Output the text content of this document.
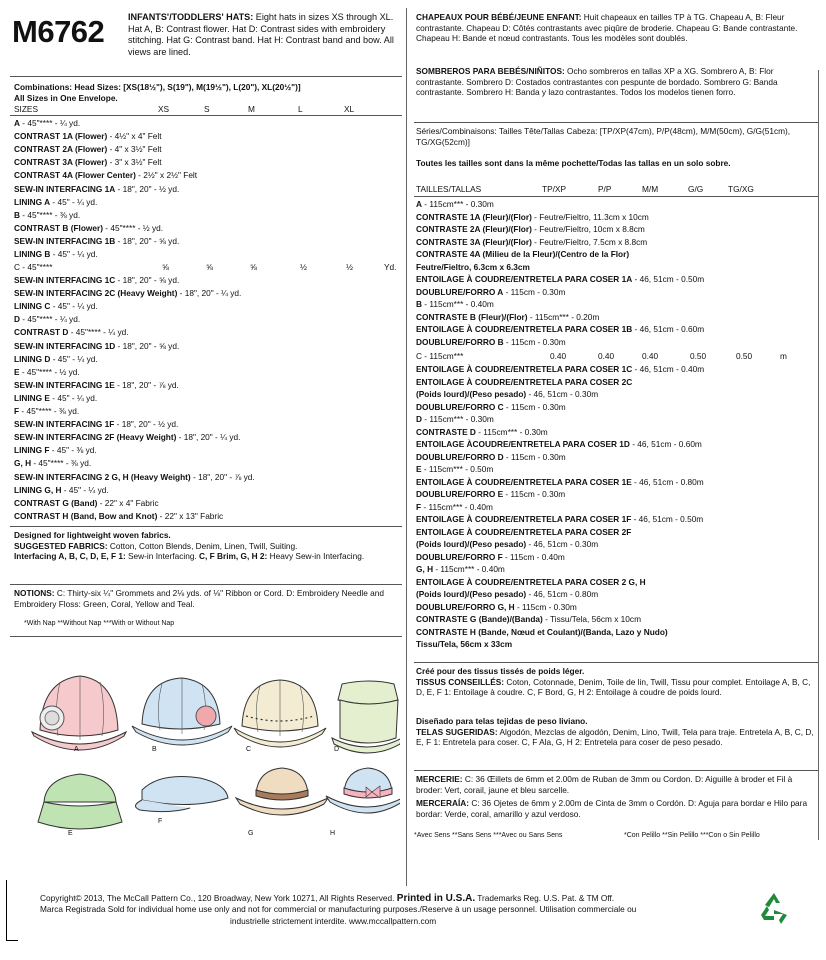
M6762	INFANTS'/TODDLERS' HATS: Eight hats in sizes XS through XL. Hat A, B: Contrast flower. Hat D: Contrast sides with embroidery stitching. Hat G: Contrast band. Hat H: Contrast band and bow. All views are lined.
Combinations: Head Sizes: [XS(18½"), S(19"), M(19½"), L(20"), XL(20½")]
All Sizes in One Envelope.
SIZES	XS	S	M	L	XL
A - 45"**** - ¼ yd.
CONTRAST 1A (Flower) - 4½" x 4" Felt
CONTRAST 2A (Flower) - 4" x 3½" Felt
CONTRAST 3A (Flower) - 3" x 3½" Felt
CONTRAST 4A (Flower Center) - 2½" x 2½" Felt
SEW-IN INTERFACING 1A - 18", 20" - ½ yd.
LINING A - 45" - ¼ yd.
B - 45"**** - ⅜ yd.
CONTRAST B (Flower) - 45"**** - ½ yd.
SEW-IN INTERFACING 1B - 18", 20" - ⅝ yd.
LINING B - 45" - ¼ yd.
C - 45"****	⅝	⅝	⅝	½	½	Yd.
SEW-IN INTERFACING 1C - 18", 20" - ⅝ yd.
SEW-IN INTERFACING 2C (Heavy Weight) - 18", 20" - ¼ yd.
LINING C - 45" - ¼ yd.
D - 45"**** - ¼ yd.
CONTRAST D - 45"**** - ¼ yd.
SEW-IN INTERFACING 1D - 18", 20" - ⅝ yd.
LINING D - 45" - ¼ yd.
E - 45"**** - ½ yd.
SEW-IN INTERFACING 1E - 18", 20" - ⅞ yd.
LINING E - 45" - ¼ yd.
F - 45"**** - ⅜ yd.
SEW-IN INTERFACING 1F - 18", 20" - ½ yd.
SEW-IN INTERFACING 2F (Heavy Weight) - 18", 20" - ¼ yd.
LINING F - 45" - ⅜ yd.
G, H - 45"**** - ⅜ yd.
SEW-IN INTERFACING 2 G, H (Heavy Weight) - 18", 20" - ⅞ yd.
LINING G, H - 45" - ¼ yd.
CONTRAST G (Band) - 22" x 4" Fabric
CONTRAST H (Band, Bow and Knot) - 22" x 13" Fabric
Designed for lightweight woven fabrics.
SUGGESTED FABRICS: Cotton, Cotton Blends, Denim, Linen, Twill, Suiting.
Interfacing A, B, C, D, E, F 1: Sew-in Interfacing. C, F Brim, G, H 2: Heavy Sew-in Interfacing.
NOTIONS: C: Thirty-six ¼" Grommets and 2⅛ yds. of ⅛" Ribbon or Cord. D: Embroidery Needle and Embroidery Floss: Green, Coral, Yellow and Teal.
*With Nap **Without Nap ***With or Without Nap
A	B	C	D
E
F
G	H
CHAPEAUX POUR BÉBÉ/JEUNE ENFANT: Huit chapeaux en tailles TP à TG. Chapeau A, B: Fleur contrastante. Chapeau D: Côtés contrastants avec piqûre de broderie. Chapeau G: Bande contrastante. Chapeau H: Bande et nœud contrastants. Tous les modèles sont doublés.
SOMBREROS PARA BEBÉS/NIÑITOS: Ocho sombreros en tallas XP a XG. Sombrero A, B: Flor contrastante. Sombrero D: Costados contrastantes con pespunte de bordado. Sombrero G: Banda contrastante. Sombrero H: Banda y lazo contrastantes. Todos los modelos tienen forro.
Séries/Combinaisons: Tailles Tête/Tallas Cabeza: [TP/XP(47cm), P/P(48cm), M/M(50cm), G/G(51cm), TG/XG(52cm)]
Toutes les tailles sont dans la même pochette/Todas las tallas en un solo sobre.
TAILLES/TALLAS	TP/XP	P/P	M/M	G/G	TG/XG
A - 115cm*** - 0.30m
CONTRASTE 1A (Fleur)/(Flor) - Feutre/Fieltro, 11.3cm x 10cm
CONTRASTE 2A (Fleur)/(Flor) - Feutre/Fieltro, 10cm x 8.8cm
CONTRASTE 3A (Fleur)/(Flor) - Feutre/Fieltro, 7.5cm x 8.8cm
CONTRASTE 4A (Milieu de la Fleur)/(Centro de la Flor)
Feutre/Fieltro, 6.3cm x 6.3cm
ENTOILAGE À COUDRE/ENTRETELA PARA COSER 1A - 46, 51cm - 0.50m
DOUBLURE/FORRO A - 115cm - 0.30m
B - 115cm*** - 0.40m
CONTRASTE B (Fleur)/(Flor) - 115cm*** - 0.20m
ENTOILAGE À COUDRE/ENTRETELA PARA COSER 1B - 46, 51cm - 0.60m
DOUBLURE/FORRO B - 115cm - 0.30m
C - 115cm***	0.40	0.40	0.40	0.50	0.50	m
ENTOILAGE À COUDRE/ENTRETELA PARA COSER 1C - 46, 51cm - 0.40m
ENTOILAGE À COUDRE/ENTRETELA PARA COSER 2C
(Poids lourd)/(Peso pesado) - 46, 51cm - 0.30m
DOUBLURE/FORRO C - 115cm - 0.30m
D - 115cm*** - 0.30m
CONTRASTE D - 115cm*** - 0.30m
ENTOILAGE ÀCOUDRE/ENTRETELA PARA COSER 1D - 46, 51cm - 0.60m
DOUBLURE/FORRO D - 115cm - 0.30m
E - 115cm*** - 0.50m
ENTOILAGE À COUDRE/ENTRETELA PARA COSER 1E - 46, 51cm - 0.80m
DOUBLURE/FORRO E - 115cm - 0.30m
F - 115cm*** - 0.40m
ENTOILAGE À COUDRE/ENTRETELA PARA COSER 1F - 46, 51cm - 0.50m
ENTOILAGE À COUDRE/ENTRETELA PARA COSER 2F
(Poids lourd)/(Peso pesado) - 46, 51cm - 0.30m
DOUBLURE/FORRO F - 115cm - 0.40m
G, H - 115cm*** - 0.40m
ENTOILAGE À COUDRE/ENTRETELA PARA COSER 2 G, H
(Poids lourd)/(Peso pesado) - 46, 51cm - 0.80m
DOUBLURE/FORRO G, H - 115cm - 0.30m
CONTRASTE G (Bande)/(Banda) - Tissu/Tela, 56cm x 10cm
CONTRASTE H (Bande, Nœud et Coulant)/(Banda, Lazo y Nudo)
Tissu/Tela, 56cm x 33cm
Créé pour des tissus tissés de poids léger.
TISSUS CONSEILLÉS: Coton, Cotonnade, Denim, Toile de lin, Twill, Tissu pour complet. Entoilage A, B, C, D, E, F 1: Entoilage à coudre. C, F Bord, G, H 2: Entoilage à coudre de poids lourd.
Diseñado para telas tejidas de peso liviano.
TELAS SUGERIDAS: Algodón, Mezclas de algodón, Denim, Lino, Twill, Tela para traje. Entretela A, B, C, D, E, F 1: Entretela para coser. C, F Ala, G, H 2: Entretela para coser de peso pesado.
MERCERIE: C: 36 Œillets de 6mm et 2.00m de Ruban de 3mm ou Cordon. D: Aiguille à broder et Fil à broder: Vert, corail, jaune et bleu sarcelle.
MERCERAÍA: C: 36 Ojetes de 6mm y 2.00m de Cinta de 3mm o Cordón. D: Aguja para bordar e Hilo para bordar: Verde, coral, amarillo y azul verdoso.
*Avec Sens **Sans Sens ***Avec ou Sans Sens	*Con Pelillo **Sin Pelillo ***Con o Sin Pelillo
Copyright© 2013, The McCall Pattern Co., 120 Broadway, New York 10271, All Rights Reserved. Printed in U.S.A. Trademarks Reg. U.S. Pat. & TM Off.
Marca Registrada Sold for individual home use only and not for commercial or manufacturing purposes./Reserve à un usage personnel. Utilisation commerciale ou
industrielle strictement interdite. www.mccallpattern.com
